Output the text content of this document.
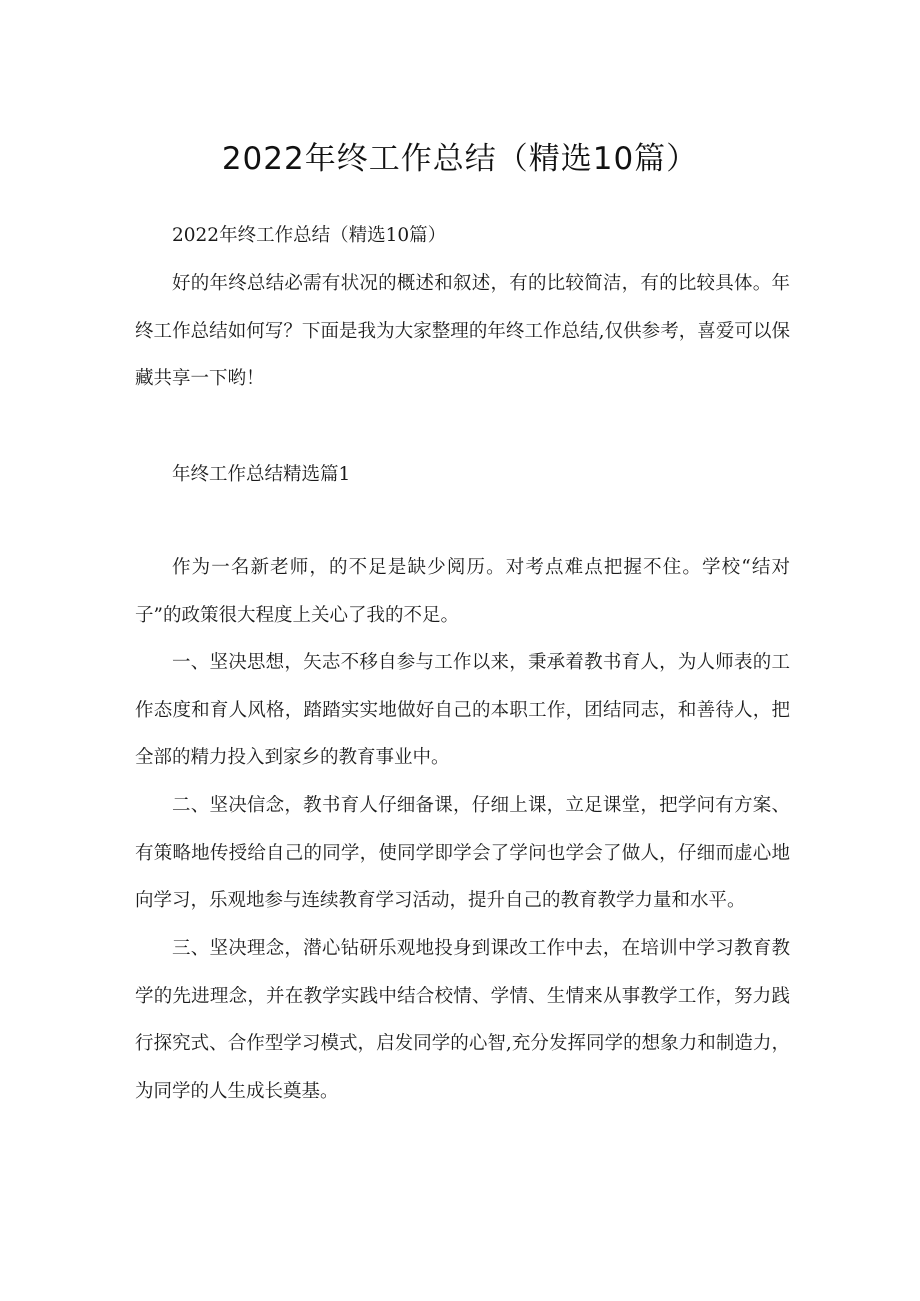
2022年终工作总结（精选10篇）

2022年终工作总结（精选10篇）

好的年终总结必需有状况的概述和叙述，有的比较简洁，有的比较具体。年终工作总结如何写？下面是我为大家整理的年终工作总结,仅供参考，喜爱可以保藏共享一下哟！

年终工作总结精选篇1

作为一名新老师，的不足是缺少阅历。对考点难点把握不住。学校“结对子”的政策很大程度上关心了我的不足。

一、坚决思想，矢志不移自参与工作以来，秉承着教书育人，为人师表的工作态度和育人风格，踏踏实实地做好自己的本职工作，团结同志，和善待人，把全部的精力投入到家乡的教育事业中。

二、坚决信念，教书育人仔细备课，仔细上课，立足课堂，把学问有方案、有策略地传授给自己的同学，使同学即学会了学问也学会了做人，仔细而虚心地向学习，乐观地参与连续教育学习活动，提升自己的教育教学力量和水平。

三、坚决理念，潜心钻研乐观地投身到课改工作中去，在培训中学习教育教学的先进理念，并在教学实践中结合校情、学情、生情来从事教学工作，努力践行探究式、合作型学习模式，启发同学的心智,充分发挥同学的想象力和制造力，为同学的人生成长奠基。
